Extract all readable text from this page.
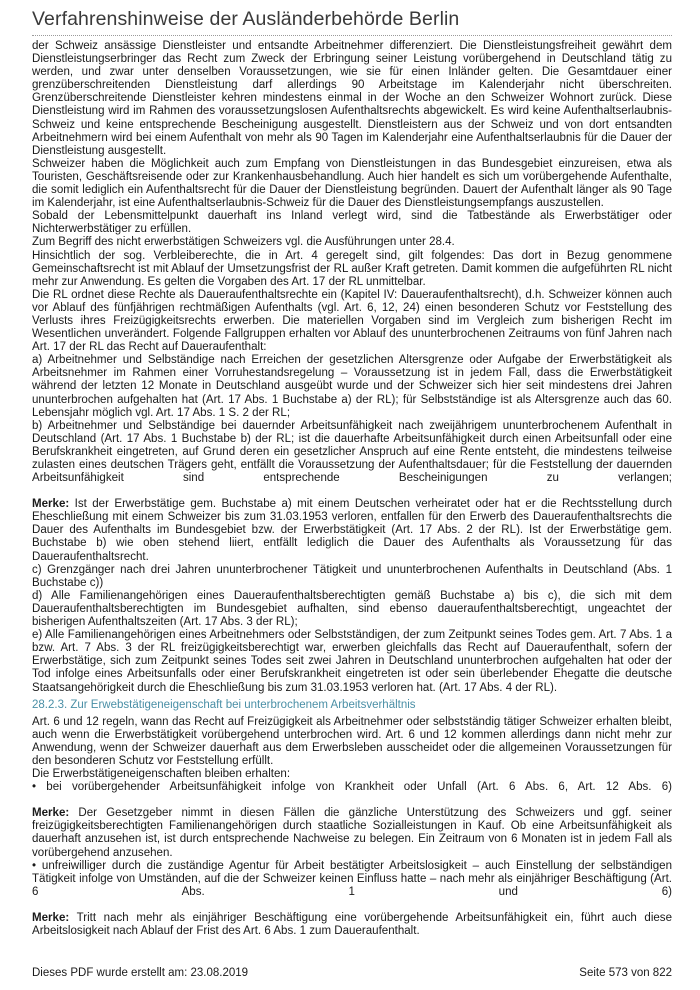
Verfahrenshinweise der Ausländerbehörde Berlin

der Schweiz ansässige Dienstleister und entsandte Arbeitnehmer differenziert. Die Dienstleistungsfreiheit gewährt dem Dienstleistungserbringer das Recht zum Zweck der Erbringung seiner Leistung vorübergehend in Deutschland tätig zu werden, und zwar unter denselben Voraussetzungen, wie sie für einen Inländer gelten. Die Gesamtdauer einer grenzüberschreitenden Dienstleistung darf allerdings 90 Arbeitstage im Kalenderjahr nicht überschreiten. Grenzüberschreitende Dienstleister kehren mindestens einmal in der Woche an den Schweizer Wohnort zurück. Diese Dienstleistung wird im Rahmen des voraussetzungslosen Aufenthaltsrechts abgewickelt. Es wird keine Aufenthaltserlaubnis-Schweiz und keine entsprechende Bescheinigung ausgestellt. Dienstleistern aus der Schweiz und von dort entsandten Arbeitnehmern wird bei einem Aufenthalt von mehr als 90 Tagen im Kalenderjahr eine Aufenthaltserlaubnis für die Dauer der Dienstleistung ausgestellt.

Schweizer haben die Möglichkeit auch zum Empfang von Dienstleistungen in das Bundesgebiet einzureisen, etwa als Touristen, Geschäftsreisende oder zur Krankenhausbehandlung. Auch hier handelt es sich um vorübergehende Aufenthalte, die somit lediglich ein Aufenthaltsrecht für die Dauer der Dienstleistung begründen. Dauert der Aufenthalt länger als 90 Tage im Kalenderjahr, ist eine Aufenthaltserlaubnis-Schweiz für die Dauer des Dienstleistungsempfangs auszustellen.

Sobald der Lebensmittelpunkt dauerhaft ins Inland verlegt wird, sind die Tatbestände als Erwerbstätiger oder Nichterwerbstätiger zu erfüllen.

Zum Begriff des nicht erwerbstätigen Schweizers vgl. die Ausführungen unter 28.4.

Hinsichtlich der sog. Verbleiberechte, die in Art. 4 geregelt sind, gilt folgendes: Das dort in Bezug genommene Gemeinschaftsrecht ist mit Ablauf der Umsetzungsfrist der RL außer Kraft getreten. Damit kommen die aufgeführten RL nicht mehr zur Anwendung. Es gelten die Vorgaben des Art. 17 der RL unmittelbar.

Die RL ordnet diese Rechte als Daueraufenthaltsrechte ein (Kapitel IV: Daueraufenthaltsrecht), d.h. Schweizer können auch vor Ablauf des fünfjährigen rechtmäßigen Aufenthalts (vgl. Art. 6, 12, 24) einen besonderen Schutz vor Feststellung des Verlusts ihres Freizügigkeitsrechts erwerben. Die materiellen Vorgaben sind im Vergleich zum bisherigen Recht im Wesentlichen unverändert. Folgende Fallgruppen erhalten vor Ablauf des ununterbrochenen Zeitraums von fünf Jahren nach Art. 17 der RL das Recht auf Daueraufenthalt:

a) Arbeitnehmer und Selbständige nach Erreichen der gesetzlichen Altersgrenze oder Aufgabe der Erwerbstätigkeit als Arbeitsnehmer im Rahmen einer Vorruhestandsregelung – Voraussetzung ist in jedem Fall, dass die Erwerbstätigkeit während der letzten 12 Monate in Deutschland ausgeübt wurde und der Schweizer sich hier seit mindestens drei Jahren ununterbrochen aufgehalten hat (Art. 17 Abs. 1 Buchstabe a) der RL); für Selbstständige ist als Altersgrenze auch das 60. Lebensjahr möglich vgl. Art. 17 Abs. 1 S. 2 der RL;

b) Arbeitnehmer und Selbständige bei dauernder Arbeitsunfähigkeit nach zweijährigem ununterbrochenem Aufenthalt in Deutschland (Art. 17 Abs. 1 Buchstabe b) der RL; ist die dauerhafte Arbeitsunfähigkeit durch einen Arbeitsunfall oder eine Berufskrankheit eingetreten, auf Grund deren ein gesetzlicher Anspruch auf eine Rente entsteht, die mindestens teilweise zulasten eines deutschen Trägers geht, entfällt die Voraussetzung der Aufenthaltsdauer; für die Feststellung der dauernden Arbeitsunfähigkeit sind entsprechende Bescheinigungen zu verlangen;

Merke: Ist der Erwerbstätige gem. Buchstabe a) mit einem Deutschen verheiratet oder hat er die Rechtsstellung durch Eheschließung mit einem Schweizer bis zum 31.03.1953 verloren, entfallen für den Erwerb des Daueraufenthaltsrechts die Dauer des Aufenthalts im Bundesgebiet bzw. der Erwerbstätigkeit (Art. 17 Abs. 2 der RL). Ist der Erwerbstätige gem. Buchstabe b) wie oben stehend liiert, entfällt lediglich die Dauer des Aufenthalts als Voraussetzung für das Daueraufenthaltsrecht.

c) Grenzgänger nach drei Jahren ununterbrochener Tätigkeit und ununterbrochenen Aufenthalts in Deutschland (Abs. 1 Buchstabe c))

d) Alle Familienangehörigen eines Daueraufenthaltsberechtigten gemäß Buchstabe a) bis c), die sich mit dem Daueraufenthaltsberechtigten im Bundesgebiet aufhalten, sind ebenso daueraufenthaltsberechtigt, ungeachtet der bisherigen Aufenthaltszeiten (Art. 17 Abs. 3 der RL);

e) Alle Familienangehörigen eines Arbeitnehmers oder Selbstständigen, der zum Zeitpunkt seines Todes gem. Art. 7 Abs. 1 a bzw. Art. 7 Abs. 3 der RL freizügigkeitsberechtigt war, erwerben gleichfalls das Recht auf Daueraufenthalt, sofern der Erwerbstätige, sich zum Zeitpunkt seines Todes seit zwei Jahren in Deutschland ununterbrochen aufgehalten hat oder der Tod infolge eines Arbeitsunfalls oder einer Berufskrankheit eingetreten ist oder sein überlebender Ehegatte die deutsche Staatsangehörigkeit durch die Eheschließung bis zum 31.03.1953 verloren hat. (Art. 17 Abs. 4 der RL).

28.2.3. Zur Erwebstätigeneigenschaft bei unterbrochenem Arbeitsverhältnis

Art. 6 und 12 regeln, wann das Recht auf Freizügigkeit als Arbeitnehmer oder selbstständig tätiger Schweizer erhalten bleibt, auch wenn die Erwerbstätigkeit vorübergehend unterbrochen wird. Art. 6 und 12 kommen allerdings dann nicht mehr zur Anwendung, wenn der Schweizer dauerhaft aus dem Erwerbsleben ausscheidet oder die allgemeinen Voraussetzungen für den besonderen Schutz vor Feststellung erfüllt.

Die Erwerbstätigeneigenschaften bleiben erhalten:

• bei vorübergehender Arbeitsunfähigkeit infolge von Krankheit oder Unfall (Art. 6 Abs. 6, Art. 12 Abs. 6)

Merke: Der Gesetzgeber nimmt in diesen Fällen die gänzliche Unterstützung des Schweizers und ggf. seiner freizügigkeitsberechtigten Familienangehörigen durch staatliche Sozialleistungen in Kauf. Ob eine Arbeitsunfähigkeit als dauerhaft anzusehen ist, ist durch entsprechende Nachweise zu belegen. Ein Zeitraum von 6 Monaten ist in jedem Fall als vorübergehend anzusehen.

• unfreiwilliger durch die zuständige Agentur für Arbeit bestätigter Arbeitslosigkeit – auch Einstellung der selbständigen Tätigkeit infolge von Umständen, auf die der Schweizer keinen Einfluss hatte – nach mehr als einjähriger Beschäftigung (Art. 6 Abs. 1 und 6)

Merke: Tritt nach mehr als einjähriger Beschäftigung eine vorübergehende Arbeitsunfähigkeit ein, führt auch diese Arbeitslosigkeit nach Ablauf der Frist des Art. 6 Abs. 1 zum Daueraufenthalt.

Dieses PDF wurde erstellt am: 23.08.2019	Seite 573 von 822
